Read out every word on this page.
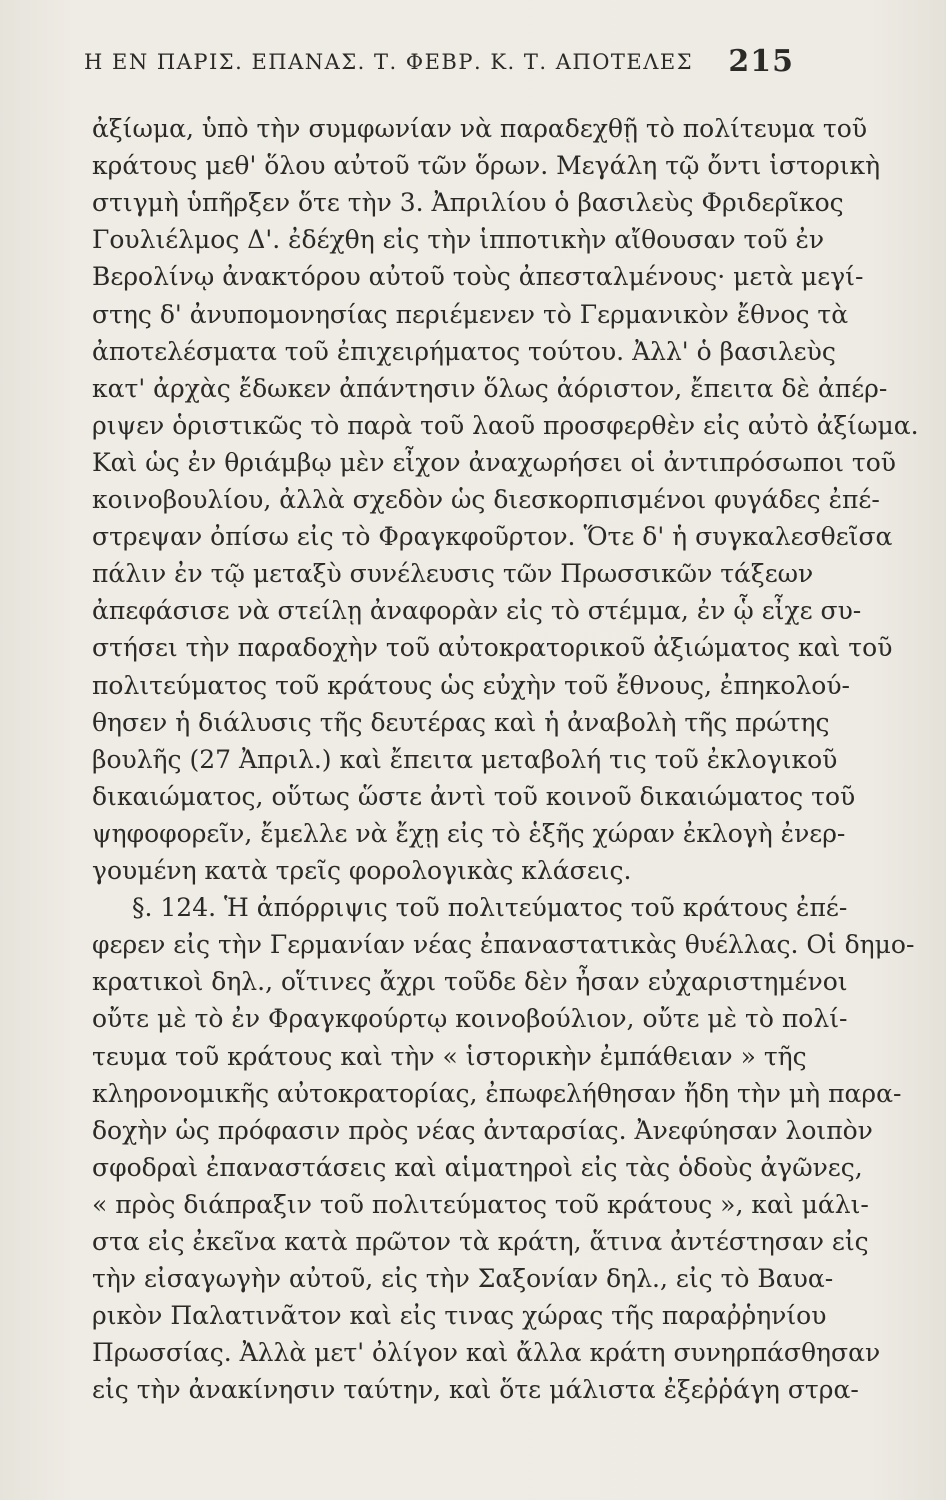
Η ΕΝ ΠΑΡΙΣ. ΕΠΑΝΑΣ. Τ. ΦΕΒΡ. Κ. Τ. ΑΠΟΤΕΛΕΣ 215
ἀξίωμα, ὑπὸ τὴν συμφωνίαν νὰ παραδεχθῇ τὸ πολίτευμα τοῦ
κράτους μεθ' ὅλου αὐτοῦ τῶν ὅρων. Μεγάλη τῷ ὄντι ἱστορικὴ
στιγμὴ ὑπῆρξεν ὅτε τὴν 3. Ἀπριλίου ὁ βασιλεὺς Φριδερῖκος
Γουλιέλμος Δ'. ἐδέχθη εἰς τὴν ἱπποτικὴν αἴθουσαν τοῦ ἐν
Βερολίνῳ ἀνακτόρου αὐτοῦ τοὺς ἀπεσταλμένους· μετὰ μεγί-
στης δ' ἀνυπομονησίας περιέμενεν τὸ Γερμανικὸν ἔθνος τὰ
ἀποτελέσματα τοῦ ἐπιχειρήματος τούτου. Ἀλλ' ὁ βασιλεὺς
κατ' ἀρχὰς ἔδωκεν ἀπάντησιν ὅλως ἀόριστον, ἔπειτα δὲ ἀπέρ-
ριψεν ὁριστικῶς τὸ παρὰ τοῦ λαοῦ προσφερθὲν εἰς αὐτὸ ἀξίωμα.
Καὶ ὡς ἐν θριάμβῳ μὲν εἶχον ἀναχωρήσει οἱ ἀντιπρόσωποι τοῦ
κοινοβουλίου, ἀλλὰ σχεδὸν ὡς διεσκορπισμένοι φυγάδες ἐπέ-
στρεψαν ὀπίσω εἰς τὸ Φραγκφοῦρτον. Ὅτε δ' ἡ συγκαλεσθεῖσα
πάλιν ἐν τῷ μεταξὺ συνέλευσις τῶν Πρωσσικῶν τάξεων
ἀπεφάσισε νὰ στείλῃ ἀναφορὰν εἰς τὸ στέμμα, ἐν ᾧ εἶχε συ-
στήσει τὴν παραδοχὴν τοῦ αὐτοκρατορικοῦ ἀξιώματος καὶ τοῦ
πολιτεύματος τοῦ κράτους ὡς εὐχὴν τοῦ ἔθνους, ἐπηκολού-
θησεν ἡ διάλυσις τῆς δευτέρας καὶ ἡ ἀναβολὴ τῆς πρώτης
βουλῆς (27 Ἀπριλ.) καὶ ἔπειτα μεταβολή τις τοῦ ἐκλογικοῦ
δικαιώματος, οὕτως ὥστε ἀντὶ τοῦ κοινοῦ δικαιώματος τοῦ
ψηφοφορεῖν, ἔμελλε νὰ ἔχῃ εἰς τὸ ἑξῆς χώραν ἐκλογὴ ἐνερ-
γουμένη κατὰ τρεῖς φορολογικὰς κλάσεις.
§. 124. Ἡ ἀπόρριψις τοῦ πολιτεύματος τοῦ κράτους ἐπέ-
φερεν εἰς τὴν Γερμανίαν νέας ἐπαναστατικὰς θυέλλας. Οἱ δημο-
κρατικοὶ δηλ., οἵτινες ἄχρι τοῦδε δὲν ἦσαν εὐχαριστημένοι
οὔτε μὲ τὸ ἐν Φραγκφούρτῳ κοινοβούλιον, οὔτε μὲ τὸ πολί-
τευμα τοῦ κράτους καὶ τὴν « ἱστορικὴν ἐμπάθειαν » τῆς
κληρονομικῆς αὐτοκρατορίας, ἐπωφελήθησαν ἤδη τὴν μὴ παρα-
δοχὴν ὡς πρόφασιν πρὸς νέας ἀνταρσίας. Ἀνεφύησαν λοιπὸν
σφοδραὶ ἐπαναστάσεις καὶ αἱματηροὶ εἰς τὰς ὁδοὺς ἀγῶνες,
« πρὸς διάπραξιν τοῦ πολιτεύματος τοῦ κράτους », καὶ μάλι-
στα εἰς ἐκεῖνα κατὰ πρῶτον τὰ κράτη, ἅτινα ἀντέστησαν εἰς
τὴν εἰσαγωγὴν αὐτοῦ, εἰς τὴν Σαξονίαν δηλ., εἰς τὸ Βαυα-
ρικὸν Παλατινᾶτον καὶ εἰς τινας χώρας τῆς παραῤῥηνίου
Πρωσσίας. Ἀλλὰ μετ' ὀλίγον καὶ ἄλλα κράτη συνηρπάσθησαν
εἰς τὴν ἀνακίνησιν ταύτην, καὶ ὅτε μάλιστα ἐξεῤῥάγη στρα-
